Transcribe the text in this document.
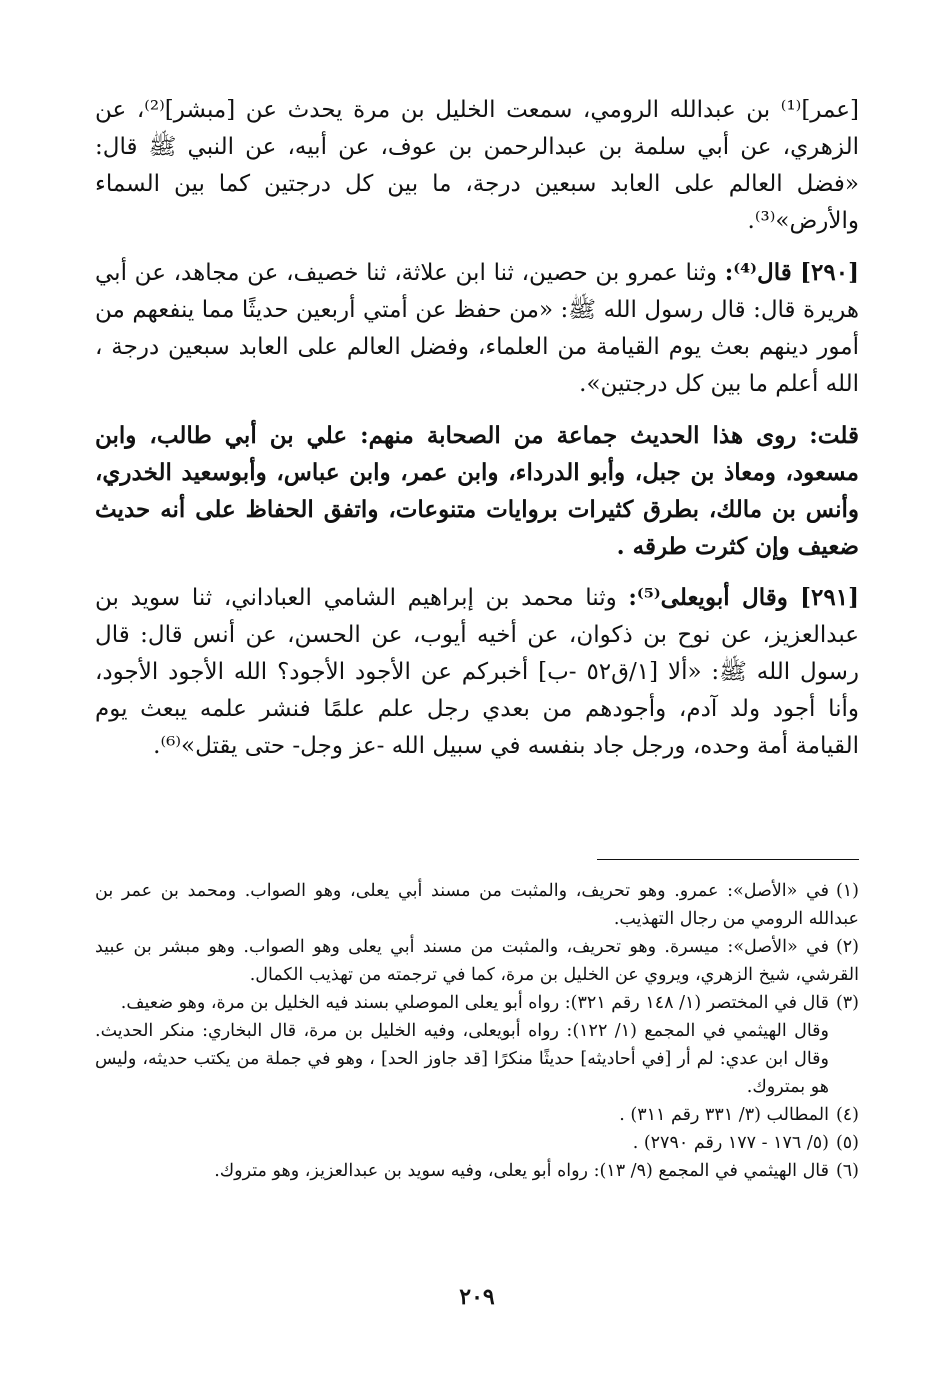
[عمر]⁽¹⁾ بن عبدالله الرومي، سمعت الخليل بن مرة يحدث عن [مبشر]⁽²⁾، عن الزهري، عن أبي سلمة بن عبدالرحمن بن عوف، عن أبيه، عن النبي ﷺ قال: «فضل العالم على العابد سبعين درجة، ما بين كل درجتين كما بين السماء والأرض»⁽³⁾.

[٢٩٠] قال⁽⁴⁾: وثنا عمرو بن حصين، ثنا ابن علاثة، ثنا خصيف، عن مجاهد، عن أبي هريرة قال: قال رسول الله ﷺ: «من حفظ عن أمتي أربعين حديثًا مما ينفعهم من أمور دينهم بعث يوم القيامة من العلماء، وفضل العالم على العابد سبعين درجة ، الله أعلم ما بين كل درجتين».

قلت: روى هذا الحديث جماعة من الصحابة منهم: علي بن أبي طالب، وابن مسعود، ومعاذ بن جبل، وأبو الدرداء، وابن عمر، وابن عباس، وأبوسعيد الخدري، وأنس بن مالك، بطرق كثيرات بروايات متنوعات، واتفق الحفاظ على أنه حديث ضعيف وإن كثرت طرقه .

[٢٩١] وقال أبويعلى⁽⁵⁾: وثنا محمد بن إبراهيم الشامي العباداني، ثنا سويد بن عبدالعزيز، عن نوح بن ذكوان، عن أخيه أيوب، عن الحسن، عن أنس قال: قال رسول الله ﷺ: «ألا [١/ق٥٢ -ب] أخبركم عن الأجود الأجود؟ الله الأجود الأجود، وأنا أجود ولد آدم، وأجودهم من بعدي رجل علم علمًا فنشر علمه يبعث يوم القيامة أمة وحده، ورجل جاد بنفسه في سبيل الله -عز وجل- حتى يقتل»⁽⁶⁾.

(١)في «الأصل»: عمرو. وهو تحريف، والمثبت من مسند أبي يعلى، وهو الصواب. ومحمد بن عمر بن عبدالله الرومي من رجال التهذيب.

(٢)في «الأصل»: ميسرة. وهو تحريف، والمثبت من مسند أبي يعلى وهو الصواب. وهو مبشر بن عبيد القرشي، شيخ الزهري، ويروي عن الخليل بن مرة، كما في ترجمته من تهذيب الكمال.

(٣)قال في المختصر (١/ ١٤٨ رقم ٣٢١): رواه أبو يعلى الموصلي بسند فيه الخليل بن مرة، وهو ضعيف.

وقال الهيثمي في المجمع (١/ ١٢٢): رواه أبويعلى، وفيه الخليل بن مرة، قال البخاري: منكر الحديث. وقال ابن عدي: لم أر [في أحاديثه] حديثًا منكرًا [قد جاوز الحد] ، وهو في جملة من يكتب حديثه، وليس هو بمتروك.

(٤)المطالب (٣/ ٣٣١ رقم ٣١١) .

(٥)(٥/ ١٧٦ - ١٧٧ رقم ٢٧٩٠) .

(٦)قال الهيثمي في المجمع (٩/ ١٣): رواه أبو يعلى، وفيه سويد بن عبدالعزيز، وهو متروك.

٢٠٩
